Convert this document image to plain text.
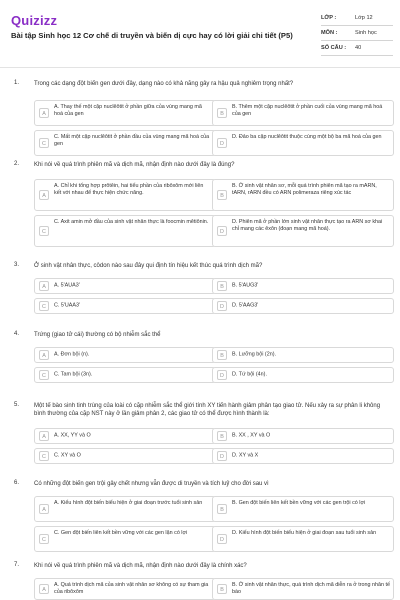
Quizizz
Bài tập Sinh học 12 Cơ chế di truyền và biến dị cực hay có lời giải chi tiết (P5)
LỚP :	Lớp 12
MÔN :	Sinh học
SỐ CÂU :	40
1. Trong các dạng đột biến gen dưới đây, dạng nào có khả năng gây ra hậu quả nghiêm trọng nhất?
A
A. Thay thế một cặp nuclêôtit ở phần giữa của vùng mang mã hoá của gen	B
B. Thêm một cặp nuclêôtit ở phần cuối của vùng mang mã hoá của gen
C
C. Mất một cặp nuclêôtit ở phần đầu của vùng mang mã hoá của gen	D
D. Đảo ba cặp nuclêôtit thuộc cùng một bộ ba mã hoá của gen
2. Khi nói về quá trình phiên mã và dịch mã, nhận định nào dưới đây là đúng?
A
A. Chỉ khi tổng hợp prôtêin, hai tiểu phần của ribôxôm mới liên kết với nhau để thực hiện chức năng.	B
B. Ở sinh vật nhân sơ, mỗi quá trình phiên mã tạo ra mARN, tARN, rARN đều có ARN polimeraza riêng xúc tác
C
C. Axit amin mở đầu của sinh vật nhân thực là foocmin mêtiônin.
D
D. Phiên mã ở phần lớn sinh vật nhân thực tạo ra ARN sơ khai chỉ mang các êxôn (đoạn mang mã hoá).
3. Ở sinh vật nhân thực, côdon nào sau đây qui định tín hiệu kết thúc quá trình dịch mã?
A	A. 5'AUA3'	B	B. 5'AUG3'
C	C. 5'UAA3'	D	D. 5'AAG3'
4. Trứng (giao tử cái) thường có bộ nhiễm sắc thể
A	A. Đơn bội (n).	B	B. Lưỡng bội (2n).
C	C. Tam bội (3n).	D	D. Tứ bội (4n).
5. Một tế bào sinh tinh trùng của loài có cặp nhiễm sắc thể giới tính XY tiến hành giảm phân tạo giao tử. Nếu xảy ra sự phân li không bình thường của cặp NST này ở lần giảm phân 2, các giao tử có thể được hình thành là:
A	A. XX, YY và O	B	B. XX , XY và O
C	C. XY và O	D	D. XY và X
6. Có những đột biến gen trội gây chết nhưng vẫn được di truyền và tích luỹ cho đời sau vì
A
A. Kiểu hình đột biến biểu hiện ở giai đoạn trước tuổi sinh sản
B
B. Gen đột biến liên kết bền vững với các gen trội có lợi
C
C. Gen đột biến liên kết bền vững với các gen lặn có lợi
D
D. Kiểu hình đột biến biểu hiện ở giai đoạn sau tuổi sinh sản
7. Khi nói về quá trình phiên mã và dịch mã, nhận định nào dưới đây là chính xác?
A
A. Quá trình dịch mã của sinh vật nhân sơ không có sự tham gia của ribôxôm	B
B. Ở sinh vật nhân thực, quá trình dịch mã diễn ra ở trong nhân tế bào
